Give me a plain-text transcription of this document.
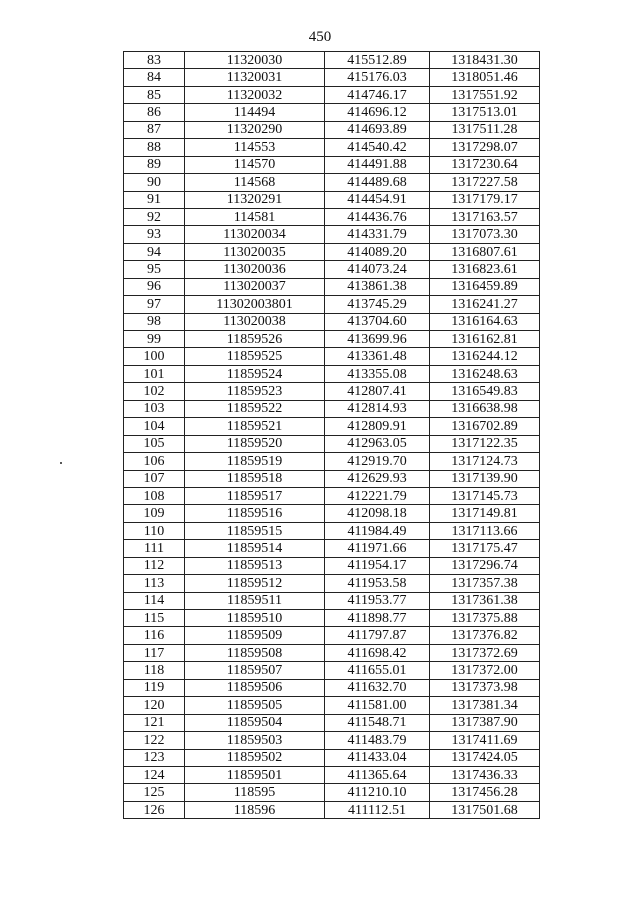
450
83	11320030	415512.89	1318431.30
84	11320031	415176.03	1318051.46
85	11320032	414746.17	1317551.92
86	114494	414696.12	1317513.01
87	11320290	414693.89	1317511.28
88	114553	414540.42	1317298.07
89	114570	414491.88	1317230.64
90	114568	414489.68	1317227.58
91	11320291	414454.91	1317179.17
92	114581	414436.76	1317163.57
93	113020034	414331.79	1317073.30
94	113020035	414089.20	1316807.61
95	113020036	414073.24	1316823.61
96	113020037	413861.38	1316459.89
97	11302003801	413745.29	1316241.27
98	113020038	413704.60	1316164.63
99	11859526	413699.96	1316162.81
100	11859525	413361.48	1316244.12
101	11859524	413355.08	1316248.63
102	11859523	412807.41	1316549.83
103	11859522	412814.93	1316638.98
104	11859521	412809.91	1316702.89
105	11859520	412963.05	1317122.35
106	11859519	412919.70	1317124.73
107	11859518	412629.93	1317139.90
108	11859517	412221.79	1317145.73
109	11859516	412098.18	1317149.81
110	11859515	411984.49	1317113.66
111	11859514	411971.66	1317175.47
112	11859513	411954.17	1317296.74
113	11859512	411953.58	1317357.38
114	11859511	411953.77	1317361.38
115	11859510	411898.77	1317375.88
116	11859509	411797.87	1317376.82
117	11859508	411698.42	1317372.69
118	11859507	411655.01	1317372.00
119	11859506	411632.70	1317373.98
120	11859505	411581.00	1317381.34
121	11859504	411548.71	1317387.90
122	11859503	411483.79	1317411.69
123	11859502	411433.04	1317424.05
124	11859501	411365.64	1317436.33
125	118595	411210.10	1317456.28
126	118596	411112.51	1317501.68
